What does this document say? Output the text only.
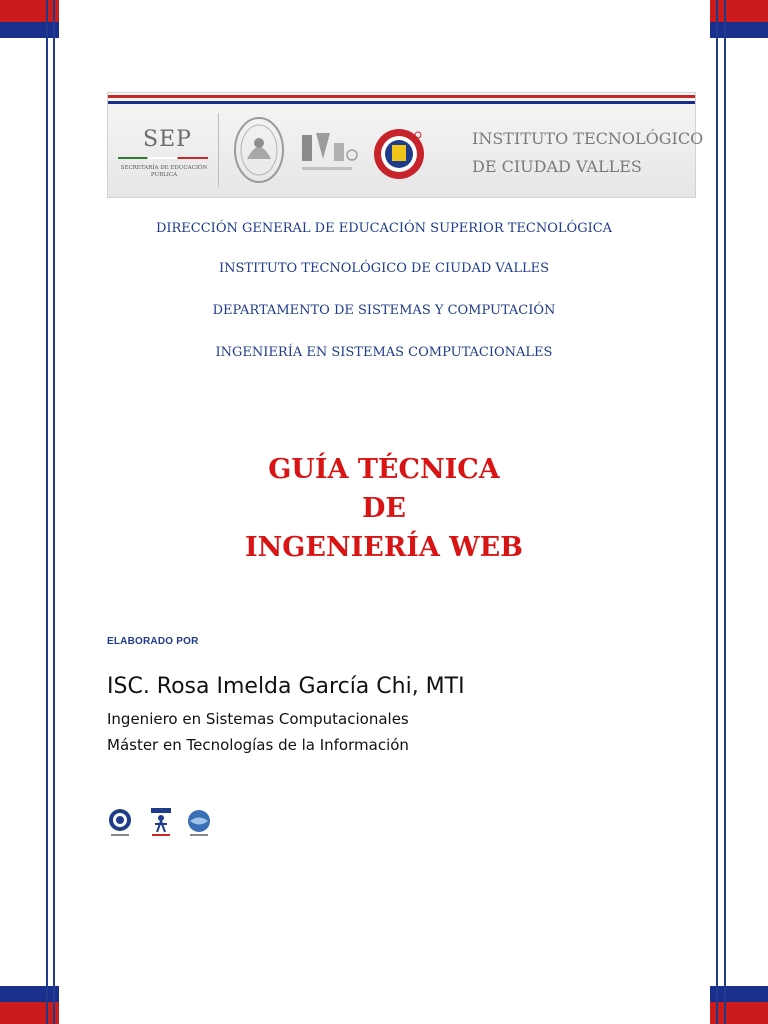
SEP
SECRETARÍA DE EDUCACIÓN PÚBLICA
INSTITUTO TECNOLÓGICO
DE CIUDAD VALLES
DIRECCIÓN GENERAL DE EDUCACIÓN SUPERIOR TECNOLÓGICA
INSTITUTO TECNOLÓGICO DE CIUDAD VALLES
DEPARTAMENTO DE SISTEMAS Y COMPUTACIÓN
INGENIERÍA EN SISTEMAS COMPUTACIONALES
GUÍA TÉCNICA
DE
INGENIERÍA WEB
ELABORADO POR
ISC. Rosa Imelda García Chi, MTI
Ingeniero en Sistemas Computacionales
Máster en Tecnologías de la Información
